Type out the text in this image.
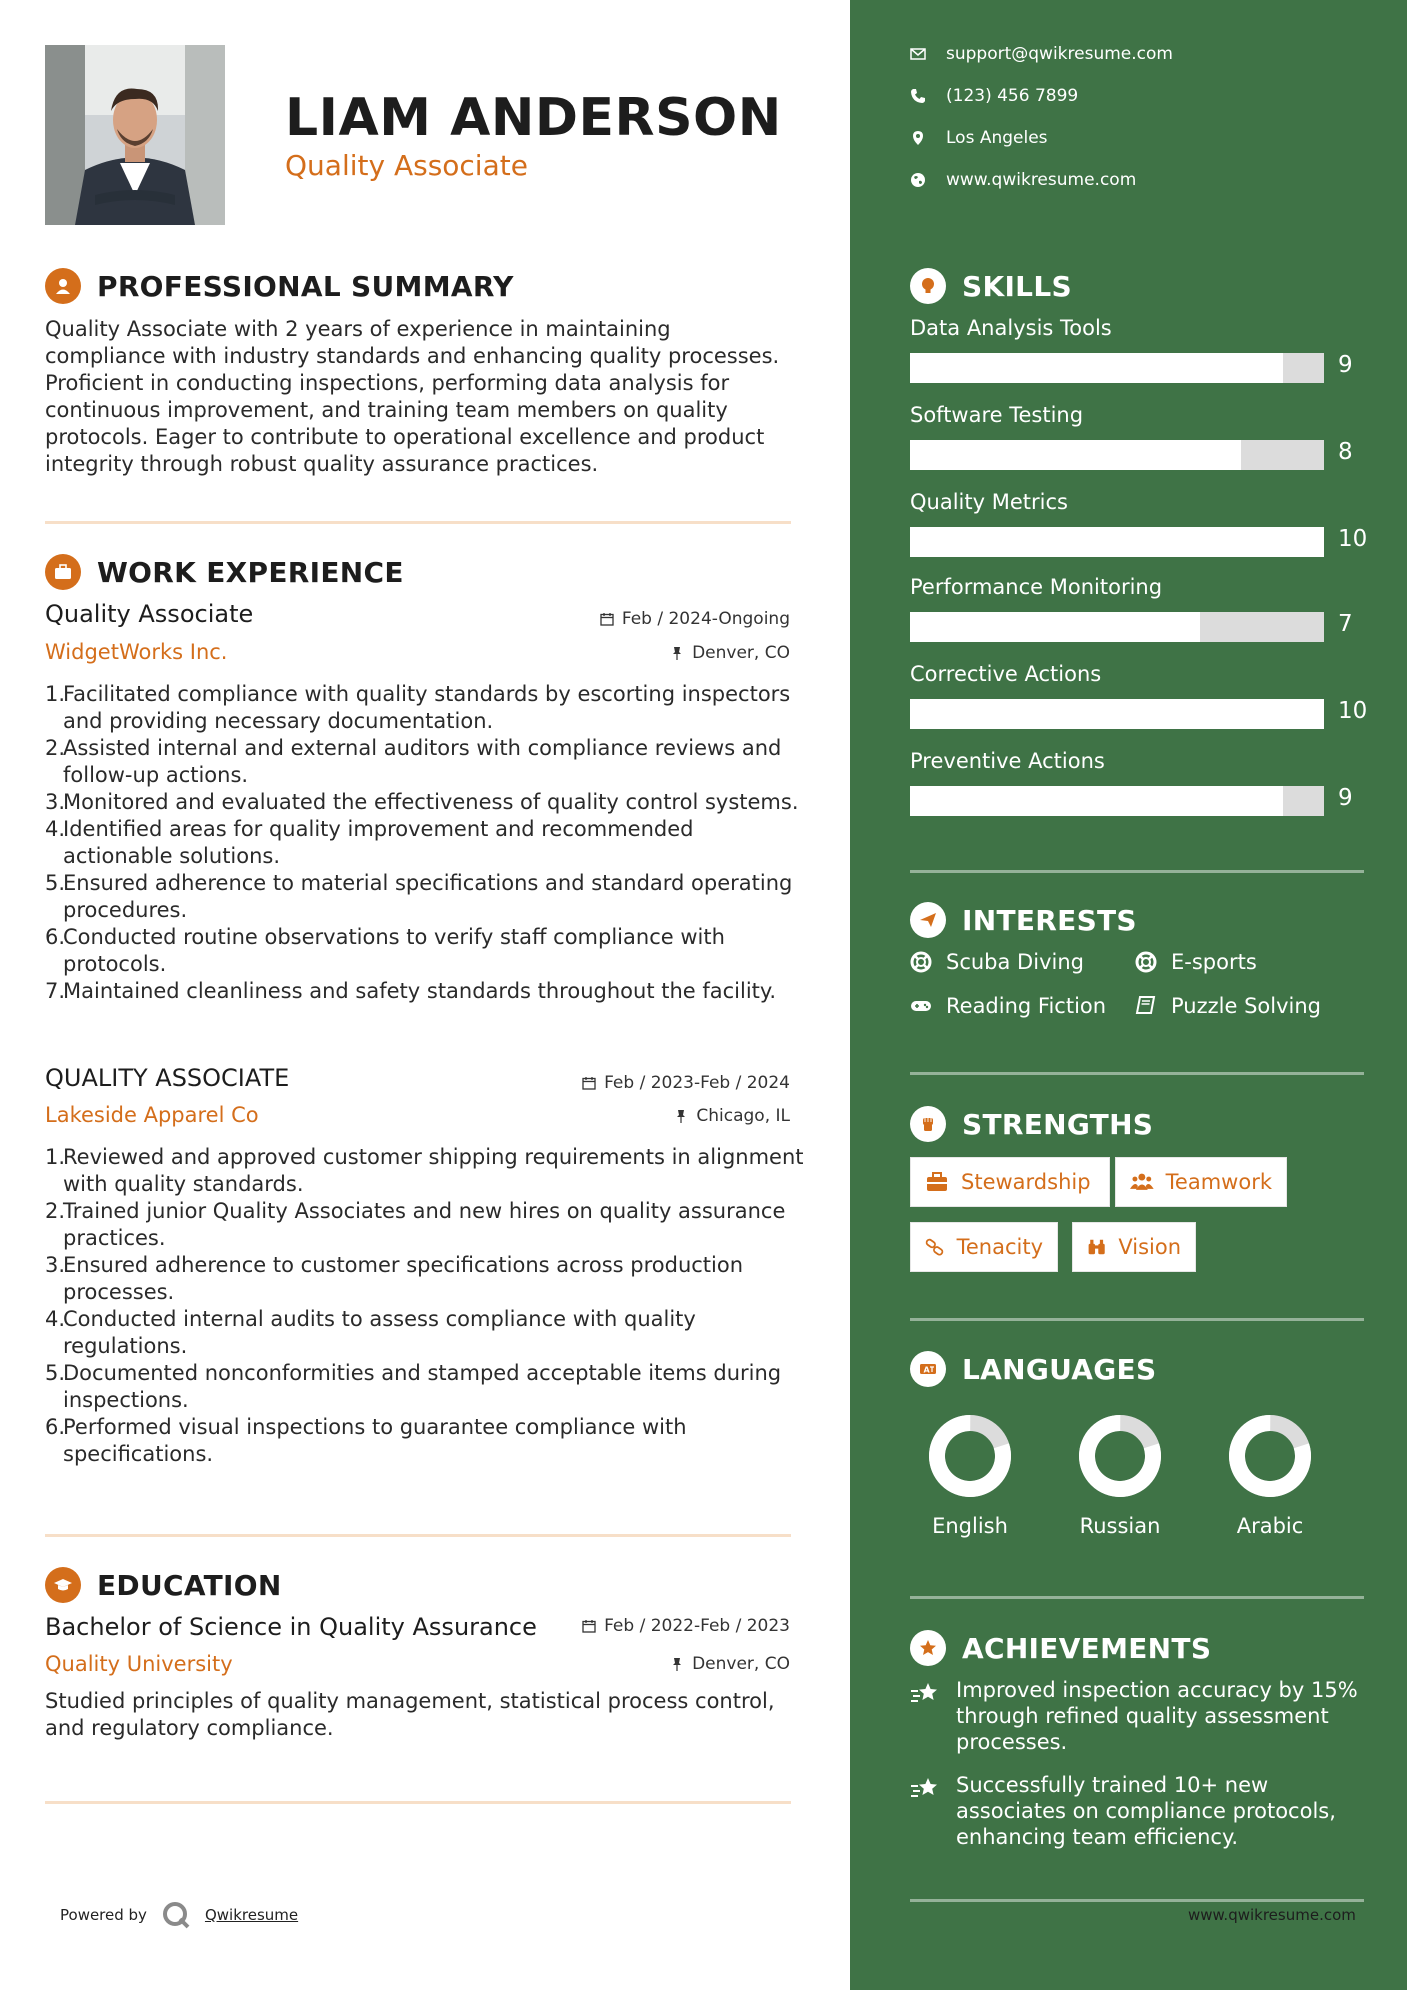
LIAM ANDERSON
Quality Associate
PROFESSIONAL SUMMARY
Quality Associate with 2 years of experience in maintaining compliance with industry standards and enhancing quality processes. Proficient in conducting inspections, performing data analysis for continuous improvement, and training team members on quality protocols. Eager to contribute to operational excellence and product integrity through robust quality assurance practices.
WORK EXPERIENCE
Quality Associate	Feb / 2024-Ongoing
WidgetWorks Inc.	Denver, CO
1.
Facilitated compliance with quality standards by escorting inspectors and providing necessary documentation.
2.
Assisted internal and external auditors with compliance reviews and follow-up actions.
3.
Monitored and evaluated the effectiveness of quality control systems.
4.
Identified areas for quality improvement and recommended actionable solutions.
5.
Ensured adherence to material specifications and standard operating procedures.
6.
Conducted routine observations to verify staff compliance with protocols.
7.
Maintained cleanliness and safety standards throughout the facility.
QUALITY ASSOCIATE	Feb / 2023-Feb / 2024
Lakeside Apparel Co	Chicago, IL
1.
Reviewed and approved customer shipping requirements in alignment with quality standards.
2.
Trained junior Quality Associates and new hires on quality assurance practices.
3.
Ensured adherence to customer specifications across production processes.
4.
Conducted internal audits to assess compliance with quality regulations.
5.
Documented nonconformities and stamped acceptable items during inspections.
6.
Performed visual inspections to guarantee compliance with specifications.
EDUCATION
Bachelor of Science in Quality Assurance	Feb / 2022-Feb / 2023
Quality University	Denver, CO
Studied principles of quality management, statistical process control, and regulatory compliance.
Powered by	Qwikresume
support@qwikresume.com
(123) 456 7899
Los Angeles
www.qwikresume.com
SKILLS
Data Analysis Tools
9
Software Testing
8
Quality Metrics
10
Performance Monitoring
7
Corrective Actions
10
Preventive Actions
9
INTERESTS
Scuba Diving	E-sports
Reading Fiction	Puzzle Solving
STRENGTHS
Stewardship	Teamwork
Tenacity	Vision
A LANGUAGES
English	Russian	Arabic
ACHIEVEMENTS
Improved inspection accuracy by 15% through refined quality assessment processes.
Successfully trained 10+ new associates on compliance protocols, enhancing team efficiency.
www.qwikresume.com
